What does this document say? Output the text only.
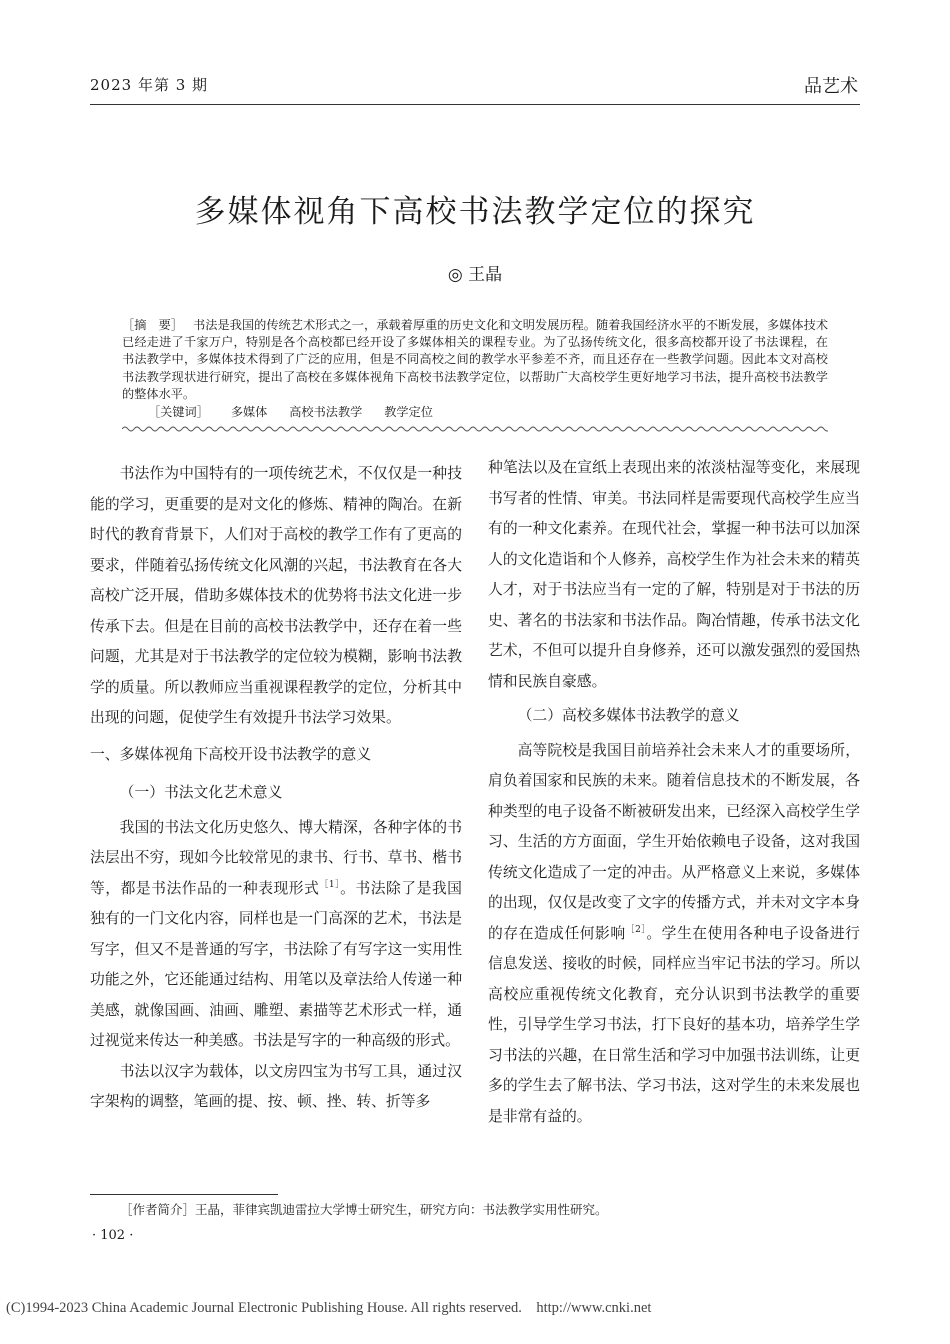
2023 年第 3 期	品艺术
多媒体视角下高校书法教学定位的探究
◎ 王晶
［摘　要］ 书法是我国的传统艺术形式之一，承载着厚重的历史文化和文明发展历程。随着我国经济水平的不断发展，多媒体技术已经走进了千家万户，特别是各个高校都已经开设了多媒体相关的课程专业。为了弘扬传统文化，很多高校都开设了书法课程，在书法教学中，多媒体技术得到了广泛的应用，但是不同高校之间的教学水平参差不齐，而且还存在一些教学问题。因此本文对高校书法教学现状进行研究，提出了高校在多媒体视角下高校书法教学定位，以帮助广大高校学生更好地学习书法，提升高校书法教学的整体水平。
［关键词］ 多媒体 高校书法教学 教学定位

书法作为中国特有的一项传统艺术，不仅仅是一种技能的学习，更重要的是对文化的修炼、精神的陶冶。在新时代的教育背景下，人们对于高校的教学工作有了更高的要求，伴随着弘扬传统文化风潮的兴起，书法教育在各大高校广泛开展，借助多媒体技术的优势将书法文化进一步传承下去。但是在目前的高校书法教学中，还存在着一些问题，尤其是对于书法教学的定位较为模糊，影响书法教学的质量。所以教师应当重视课程教学的定位，分析其中出现的问题，促使学生有效提升书法学习效果。

一、多媒体视角下高校开设书法教学的意义

（一）书法文化艺术意义

我国的书法文化历史悠久、博大精深，各种字体的书法层出不穷，现如今比较常见的隶书、行书、草书、楷书等，都是书法作品的一种表现形式$^{[1]}$。书法除了是我国独有的一门文化内容，同样也是一门高深的艺术，书法是写字，但又不是普通的写字，书法除了有写字这一实用性功能之外，它还能通过结构、用笔以及章法给人传递一种美感，就像国画、油画、雕塑、素描等艺术形式一样，通过视觉来传达一种美感。书法是写字的一种高级的形式。

书法以汉字为载体，以文房四宝为书写工具，通过汉字架构的调整，笔画的提、按、顿、挫、转、折等多

种笔法以及在宣纸上表现出来的浓淡枯湿等变化，来展现书写者的性情、审美。书法同样是需要现代高校学生应当有的一种文化素养。在现代社会，掌握一种书法可以加深人的文化造诣和个人修养，高校学生作为社会未来的精英人才，对于书法应当有一定的了解，特别是对于书法的历史、著名的书法家和书法作品。陶冶情趣，传承书法文化艺术，不但可以提升自身修养，还可以激发强烈的爱国热情和民族自豪感。

（二）高校多媒体书法教学的意义

高等院校是我国目前培养社会未来人才的重要场所，肩负着国家和民族的未来。随着信息技术的不断发展，各种类型的电子设备不断被研发出来，已经深入高校学生学习、生活的方方面面，学生开始依赖电子设备，这对我国传统文化造成了一定的冲击。从严格意义上来说，多媒体的出现，仅仅是改变了文字的传播方式，并未对文字本身的存在造成任何影响$^{[2]}$。学生在使用各种电子设备进行信息发送、接收的时候，同样应当牢记书法的学习。所以高校应重视传统文化教育，充分认识到书法教学的重要性，引导学生学习书法，打下良好的基本功，培养学生学习书法的兴趣，在日常生活和学习中加强书法训练，让更多的学生去了解书法、学习书法，这对学生的未来发展也是非常有益的。

［作者简介］王晶，菲律宾凯迪雷拉大学博士研究生，研究方向：书法教学实用性研究。
· 102 ·
(C)1994-2023 China Academic Journal Electronic Publishing House. All rights reserved.　http://www.cnki.net
